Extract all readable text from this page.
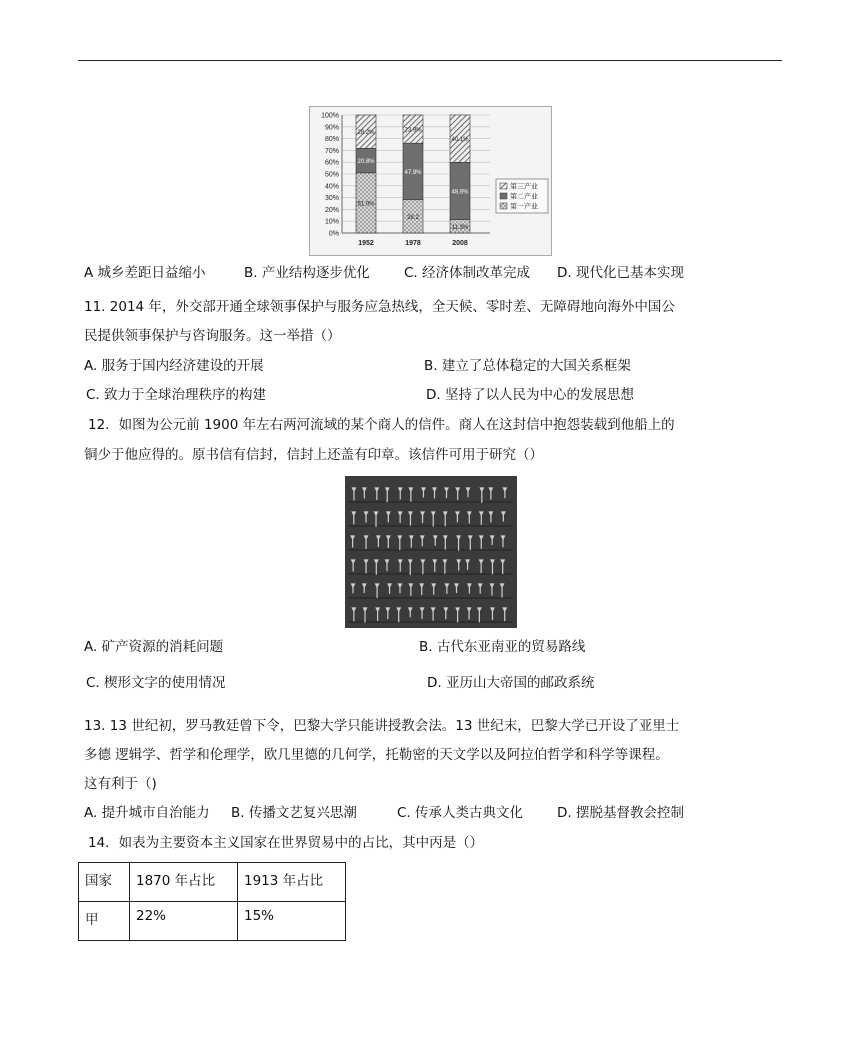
51.0%
20.8%
28.2%
28.2
47.9%
23.9%
11.3%
48.6%
40.1%
0%
10%
20%
30%
40%
50%
60%
70%
80%
90%
100%
1952	1978	2008
第三产业
第二产业
第一产业
A 城乡差距日益缩小	B. 产业结构逐步优化	C. 经济体制改革完成 D. 现代化已基本实现
11. 2014 年，外交部开通全球领事保护与服务应急热线，全天候、零时差、无障碍地向海外中国公
民提供领事保护与咨询服务。这一举措（）
A. 服务于国内经济建设的开展	B. 建立了总体稳定的大国关系框架
C. 致力于全球治理秩序的构建	D. 坚持了以人民为中心的发展思想
12．如图为公元前 1900 年左右两河流域的某个商人的信件。商人在这封信中抱怨装载到他船上的
铜少于他应得的。原书信有信封，信封上还盖有印章。该信件可用于研究（）
A. 矿产资源的消耗问题	B. 古代东亚南亚的贸易路线
C. 楔形文字的使用情况	D. 亚历山大帝国的邮政系统
13. 13 世纪初，罗马教廷曾下令，巴黎大学只能讲授教会法。13 世纪末，巴黎大学已开设了亚里士
多德 逻辑学、哲学和伦理学，欧几里德的几何学，托勒密的天文学以及阿拉伯哲学和科学等课程。
这有利于（)
A. 提升城市自治能力 B. 传播文艺复兴思潮	C. 传承人类古典文化	D. 摆脱基督教会控制
14．如表为主要资本主义国家在世界贸易中的占比，其中丙是（）
国家	1870 年占比	1913 年占比
甲	22%	15%
